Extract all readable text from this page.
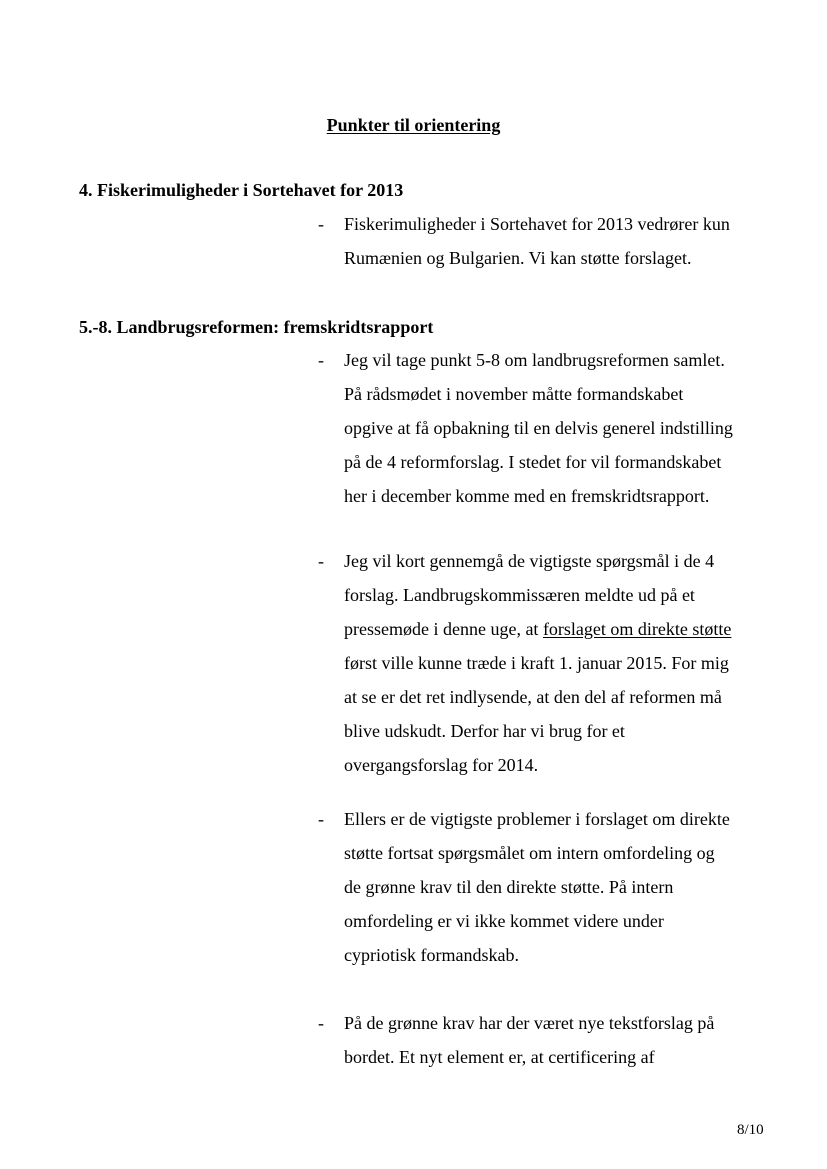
Punkter til orientering
4. Fiskerimuligheder i Sortehavet for 2013
- Fiskerimuligheder i Sortehavet for 2013 vedrører kun
Rumænien og Bulgarien. Vi kan støtte forslaget.
5.-8. Landbrugsreformen: fremskridtsrapport
- Jeg vil tage punkt 5-8 om landbrugsreformen samlet.
På rådsmødet i november måtte formandskabet
opgive at få opbakning til en delvis generel indstilling
på de 4 reformforslag. I stedet for vil formandskabet
her i december komme med en fremskridtsrapport.
- Jeg vil kort gennemgå de vigtigste spørgsmål i de 4
forslag. Landbrugskommissæren meldte ud på et
pressemøde i denne uge, at forslaget om direkte støtte
først ville kunne træde i kraft 1. januar 2015. For mig
at se er det ret indlysende, at den del af reformen må
blive udskudt. Derfor har vi brug for et
overgangsforslag for 2014.
- Ellers er de vigtigste problemer i forslaget om direkte
støtte fortsat spørgsmålet om intern omfordeling og
de grønne krav til den direkte støtte. På intern
omfordeling er vi ikke kommet videre under
cypriotisk formandskab.
- På de grønne krav har der været nye tekstforslag på
bordet. Et nyt element er, at certificering af
8/10
